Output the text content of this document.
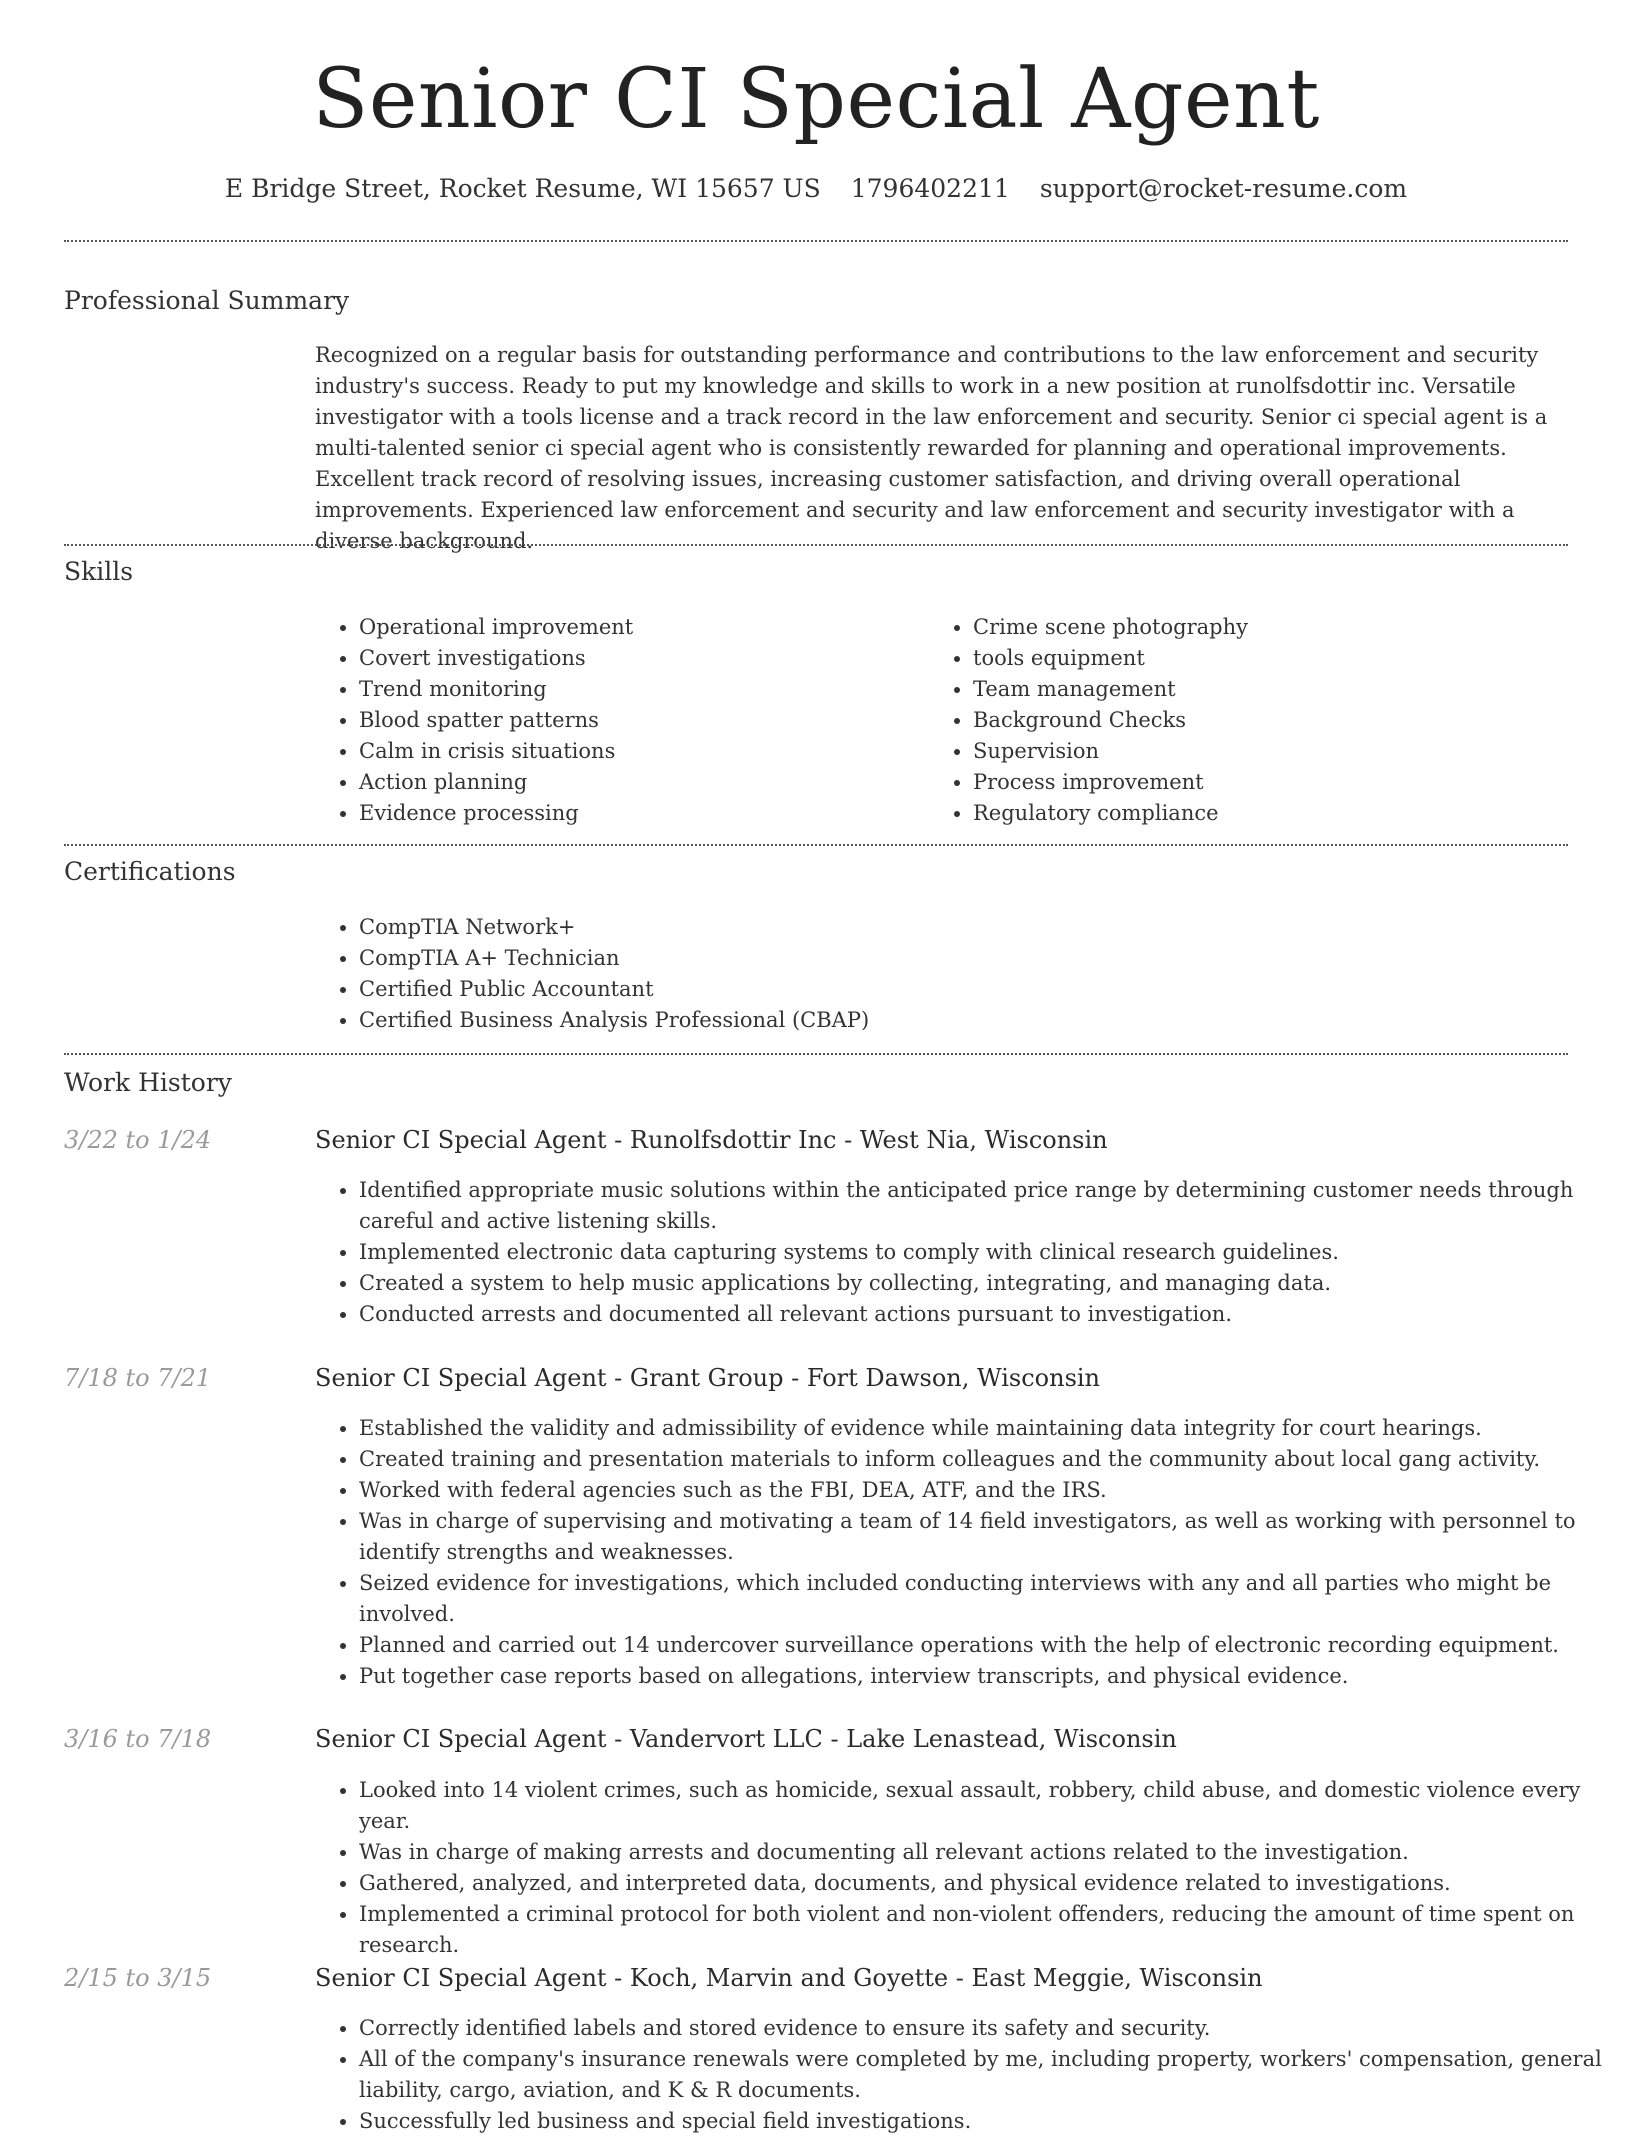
Senior CI Special Agent
E Bridge Street, Rocket Resume, WI 15657 US 1796402211 support@rocket-resume.com
Professional Summary

Recognized on a regular basis for outstanding performance and contributions to the law enforcement and security industry's success. Ready to put my knowledge and skills to work in a new position at runolfsdottir inc. Versatile investigator with a tools license and a track record in the law enforcement and security. Senior ci special agent is a multi-talented senior ci special agent who is consistently rewarded for planning and operational improvements. Excellent track record of resolving issues, increasing customer satisfaction, and driving overall operational improvements. Experienced law enforcement and security and law enforcement and security investigator with a diverse background.

Skills
• Operational improvement
• Covert investigations
• Trend monitoring
• Blood spatter patterns
• Calm in crisis situations
• Action planning
• Evidence processing
• Crime scene photography
• tools equipment
• Team management
• Background Checks
• Supervision
• Process improvement
• Regulatory compliance
Certifications
• CompTIA Network+
• CompTIA A+ Technician
• Certified Public Accountant
• Certified Business Analysis Professional (CBAP)
Work History
3/22 to 1/24	Senior CI Special Agent - Runolfsdottir Inc - West Nia, Wisconsin
• Identified appropriate music solutions within the anticipated price range by determining customer needs through careful and active listening skills.
• Implemented electronic data capturing systems to comply with clinical research guidelines.
• Created a system to help music applications by collecting, integrating, and managing data.
• Conducted arrests and documented all relevant actions pursuant to investigation.
7/18 to 7/21	Senior CI Special Agent - Grant Group - Fort Dawson, Wisconsin
• Established the validity and admissibility of evidence while maintaining data integrity for court hearings.
• Created training and presentation materials to inform colleagues and the community about local gang activity.
• Worked with federal agencies such as the FBI, DEA, ATF, and the IRS.
• Was in charge of supervising and motivating a team of 14 field investigators, as well as working with personnel to identify strengths and weaknesses.
• Seized evidence for investigations, which included conducting interviews with any and all parties who might be involved.
• Planned and carried out 14 undercover surveillance operations with the help of electronic recording equipment.
• Put together case reports based on allegations, interview transcripts, and physical evidence.
3/16 to 7/18	Senior CI Special Agent - Vandervort LLC - Lake Lenastead, Wisconsin
• Looked into 14 violent crimes, such as homicide, sexual assault, robbery, child abuse, and domestic violence every year.
• Was in charge of making arrests and documenting all relevant actions related to the investigation.
• Gathered, analyzed, and interpreted data, documents, and physical evidence related to investigations.
• Implemented a criminal protocol for both violent and non-violent offenders, reducing the amount of time spent on research.
2/15 to 3/15	Senior CI Special Agent - Koch, Marvin and Goyette - East Meggie, Wisconsin
• Correctly identified labels and stored evidence to ensure its safety and security.
• All of the company's insurance renewals were completed by me, including property, workers' compensation, general liability, cargo, aviation, and K & R documents.
• Successfully led business and special field investigations.
